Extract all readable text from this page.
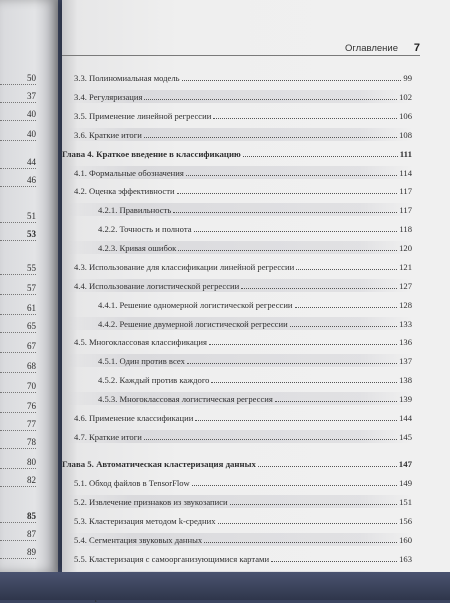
50
37
40
40
44
46
51
53
55
57
61
65
67
68
70
76
77
78
80
82
85
87
89
Оглавление 7
3.3. Полиномиальная модель	99
3.4. Регуляризация	102
3.5. Применение линейной регрессии	106
3.6. Краткие итоги	108
Глава 4. Краткое введение в классификацию	111
4.1. Формальные обозначения	114
4.2. Оценка эффективности	117
4.2.1. Правильность	117
4.2.2. Точность и полнота	118
4.2.3. Кривая ошибок	120
4.3. Использование для классификации линейной регрессии	121
4.4. Использование логистической регрессии	127
4.4.1. Решение одномерной логистической регрессии	128
4.4.2. Решение двумерной логистической регрессии	133
4.5. Многоклассовая классификация	136
4.5.1. Один против всех	137
4.5.2. Каждый против каждого	138
4.5.3. Многоклассовая логистическая регрессия	139
4.6. Применение классификации	144
4.7. Краткие итоги	145
Глава 5. Автоматическая кластеризация данных	147
5.1. Обход файлов в TensorFlow	149
5.2. Извлечение признаков из звукозаписи	151
5.3. Кластеризация методом k-средних	156
5.4. Сегментация звуковых данных	160
5.5. Кластеризация с самоорганизующимися картами	163
